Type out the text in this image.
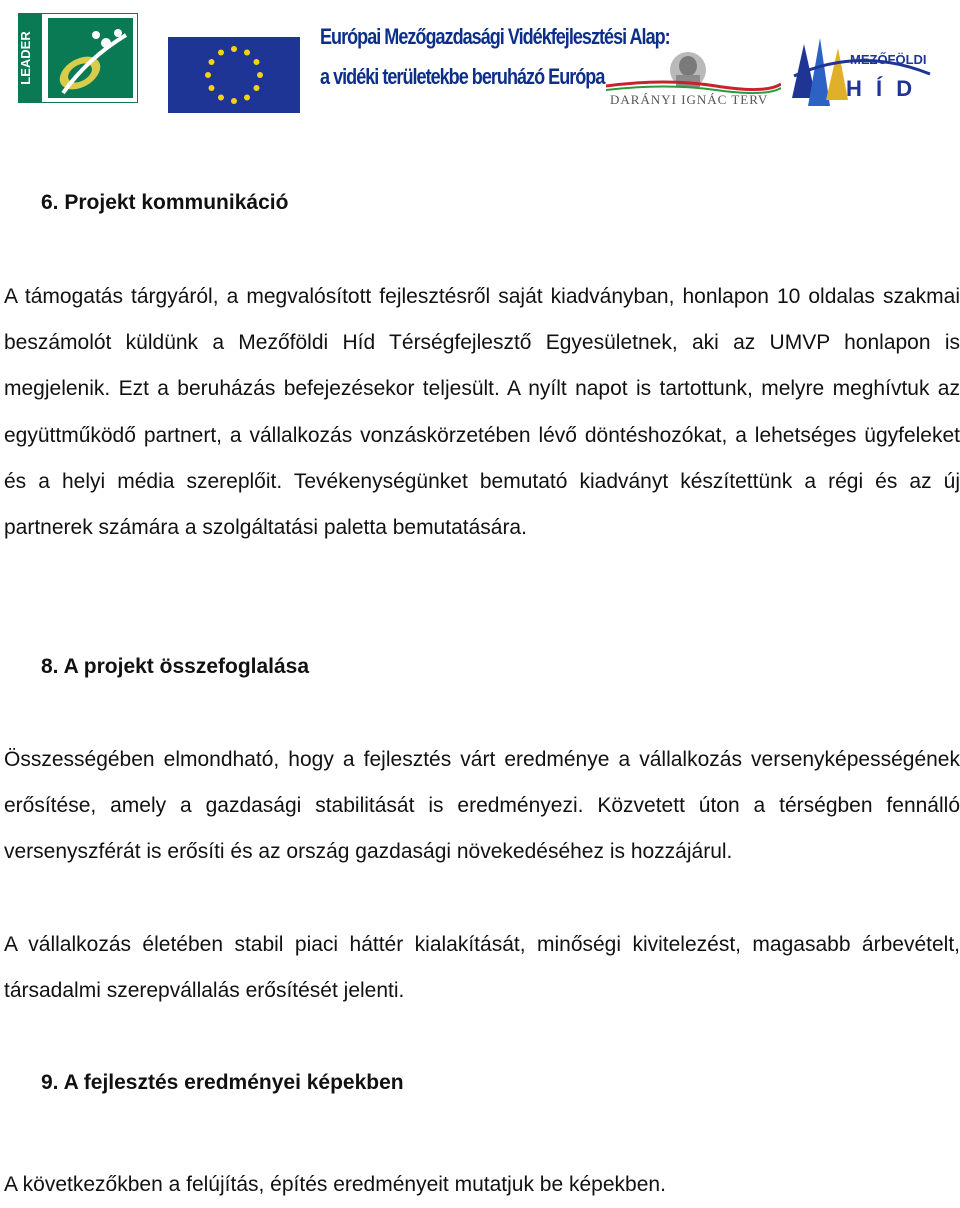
LEADER	Európai Mezőgazdasági Vidékfejlesztési Alap:
a vidéki területekbe beruházó Európa
DARÁNYI IGNÁC TERV
MEZŐFÖLDI
H Í D
6. Projekt kommunikáció
A támogatás tárgyáról, a megvalósított fejlesztésről saját kiadványban, honlapon 10 oldalas szakmai beszámolót küldünk a Mezőföldi Híd Térségfejlesztő Egyesületnek, aki az UMVP honlapon is megjelenik. Ezt a beruházás befejezésekor teljesült. A nyílt napot is tartottunk, melyre meghívtuk az együttműködő partnert, a vállalkozás vonzáskörzetében lévő döntéshozókat, a lehetséges ügyfeleket és a helyi média szereplőit. Tevékenységünket bemutató kiadványt készítettünk a régi és az új partnerek számára a szolgáltatási paletta bemutatására.
8. A projekt összefoglalása
Összességében elmondható, hogy a fejlesztés várt eredménye a vállalkozás versenyképességének erősítése, amely a gazdasági stabilitását is eredményezi. Közvetett úton a térségben fennálló versenyszférát is erősíti és az ország gazdasági növekedéséhez is hozzájárul.
A vállalkozás életében stabil piaci háttér kialakítását, minőségi kivitelezést, magasabb árbevételt, társadalmi szerepvállalás erősítését jelenti.
9. A fejlesztés eredményei képekben
A következőkben a felújítás, építés eredményeit mutatjuk be képekben.
